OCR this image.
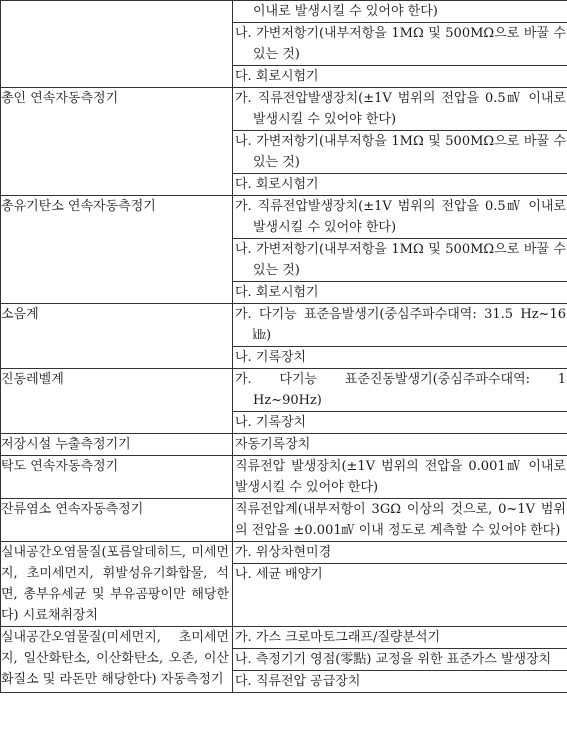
	이내로 발생시킬 수 있어야 한다)
나. 가변저항기(내부저항을 1MΩ 및 500MΩ으로 바꿀 수 있는 것)
다. 회로시험기

총인 연속자동측정기	가. 직류전압발생장치(±1V 범위의 전압을 0.5㎷ 이내로 발생시킬 수 있어야 한다)
나. 가변저항기(내부저항을 1MΩ 및 500MΩ으로 바꿀 수 있는 것)
다. 회로시험기

총유기탄소 연속자동측정기	가. 직류전압발생장치(±1V 범위의 전압을 0.5㎷ 이내로 발생시킬 수 있어야 한다)
나. 가변저항기(내부저항을 1MΩ 및 500MΩ으로 바꿀 수 있는 것)
다. 회로시험기

소음계	가. 다기능 표준음발생기(중심주파수대역: 31.5 Hz~16㎑)
나. 기록장치

진동레벨계	가. 다기능 표준진동발생기(중심주파수대역: 1 Hz~90Hz)
나. 기록장치

저장시설 누출측정기기	자동기록장치

탁도 연속자동측정기	직류전압 발생장치(±1V 범위의 전압을 0.001㎷ 이내로 발생시킬 수 있어야 한다)

잔류염소 연속자동측정기	직류전압계(내부저항이 3GΩ 이상의 것으로, 0~1V 범위의 전압을 ±0.001㎷ 이내 정도로 계측할 수 있어야 한다)

실내공간오염물질(포름알데히드, 미세먼지, 초미세먼지, 휘발성유기화합물, 석면, 총부유세균 및 부유곰팡이만 해당한다) 시료채취장치	가. 위상차현미경
나. 세균 배양기

실내공간오염물질(미세먼지, 초미세먼지, 일산화탄소, 이산화탄소, 오존, 이산화질소 및 라돈만 해당한다) 자동측정기	가. 가스 크로마토그래프/질량분석기
나. 측정기기 영점(零點) 교정을 위한 표준가스 발생장치
다. 직류전압 공급장치
